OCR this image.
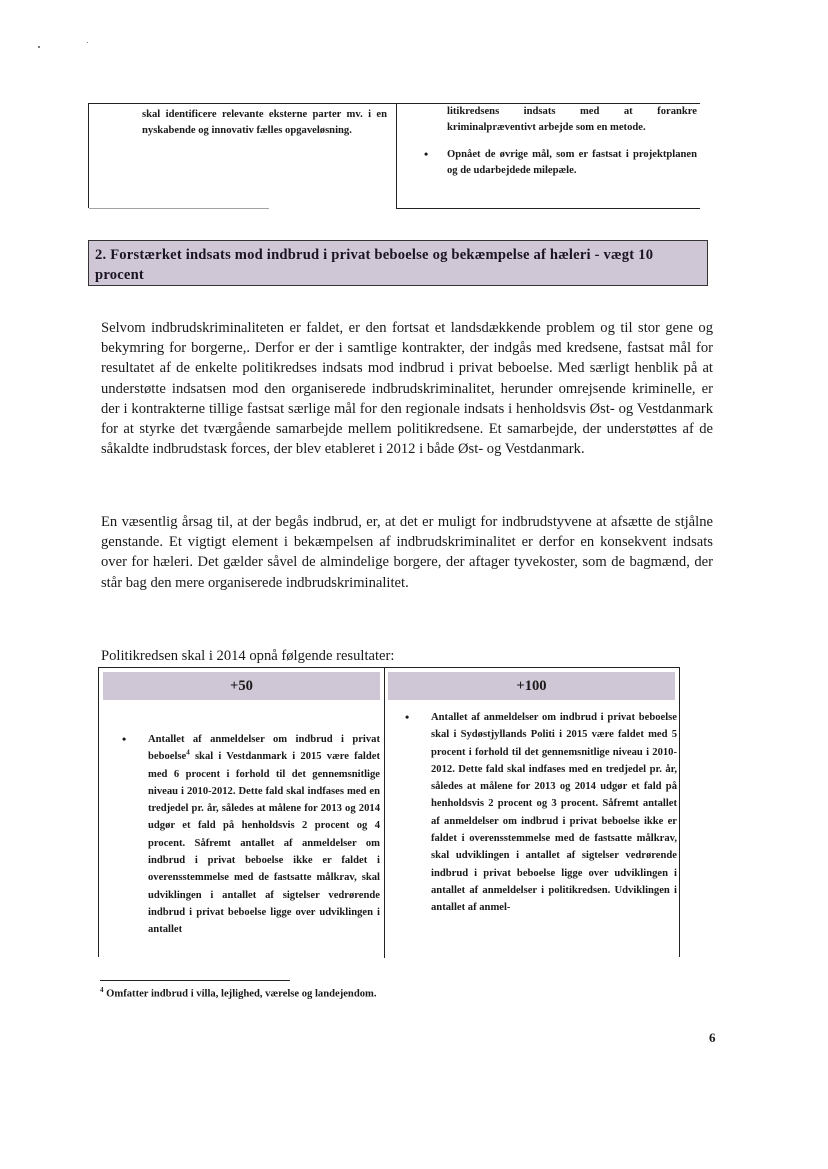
skal identificere relevante eksterne parter mv. i en nyskabende og innovativ fælles opgaveløsning.

litikredsens indsats med at forankre kriminalpræventivt arbejde som en metode.

• Opnået de øvrige mål, som er fastsat i projektplanen og de udarbejdede milepæle.
2. Forstærket indsats mod indbrud i privat beboelse og bekæmpelse af hæleri - vægt 10 procent

Selvom indbrudskriminaliteten er faldet, er den fortsat et landsdækkende problem og til stor gene og bekymring for borgerne,. Derfor er der i samtlige kontrakter, der indgås med kredsene, fastsat mål for resultatet af de enkelte politikredses indsats mod indbrud i privat beboelse. Med særligt henblik på at understøtte indsatsen mod den organiserede indbrudskriminalitet, herunder omrejsende kriminelle, er der i kontrakterne tillige fastsat særlige mål for den regionale indsats i henholdsvis Øst- og Vestdanmark for at styrke det tværgående samarbejde mellem politikredsene. Et samarbejde, der understøttes af de såkaldte indbrudstask forces, der blev etableret i 2012 i både Øst- og Vestdanmark.

En væsentlig årsag til, at der begås indbrud, er, at det er muligt for indbrudstyvene at afsætte de stjålne genstande. Et vigtigt element i bekæmpelsen af indbrudskriminalitet er derfor en konsekvent indsats over for hæleri. Det gælder såvel de almindelige borgere, der aftager tyvekoster, som de bagmænd, der står bag den mere organiserede indbrudskriminalitet.

Politikredsen skal i 2014 opnå følgende resultater:

+50	+100
• Antallet af anmeldelser om indbrud i privat beboelse$^4$ skal i Vestdanmark i 2015 være faldet med 6 procent i forhold til det gennemsnitlige niveau i 2010-2012. Dette fald skal indfases med en tredjedel pr. år, således at målene for 2013 og 2014 udgør et fald på henholdsvis 2 procent og 4 procent. Såfremt antallet af anmeldelser om indbrud i privat beboelse ikke er faldet i overensstemmelse med de fastsatte målkrav, skal udviklingen i antallet af sigtelser vedrørende indbrud i privat beboelse ligge over udviklingen i antallet
• Antallet af anmeldelser om indbrud i privat beboelse skal i Sydøstjyllands Politi i 2015 være faldet med 5 procent i forhold til det gennemsnitlige niveau i 2010-2012. Dette fald skal indfases med en tredjedel pr. år, således at målene for 2013 og 2014 udgør et fald på henholdsvis 2 procent og 3 procent. Såfremt antallet af anmeldelser om indbrud i privat beboelse ikke er faldet i overensstemmelse med de fastsatte målkrav, skal udviklingen i antallet af sigtelser vedrørende indbrud i privat beboelse ligge over udviklingen i antallet af anmeldelser i politikredsen. Udviklingen i antallet af anmel-
$^4$ Omfatter indbrud i villa, lejlighed, værelse og landejendom.
6
